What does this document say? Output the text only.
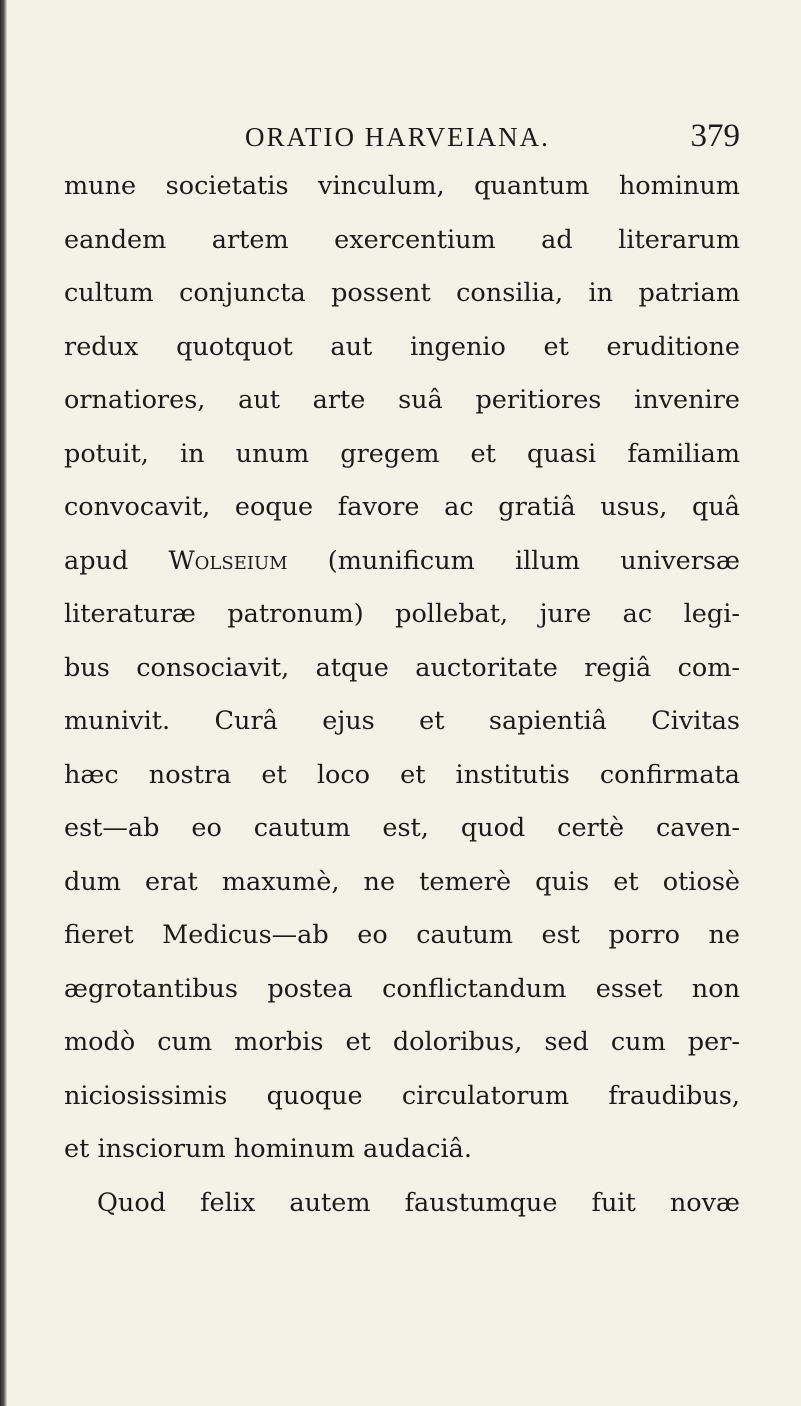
ORATIO HARVEIANA.	379
mune societatis vinculum, quantum hominum
eandem artem exercentium ad literarum
cultum conjuncta possent consilia, in patriam
redux quotquot aut ingenio et eruditione
ornatiores, aut arte suâ peritiores invenire
potuit, in unum gregem et quasi familiam
convocavit, eoque favore ac gratiâ usus, quâ
apud Wolseium (munificum illum universæ
literaturæ patronum) pollebat, jure ac legi-
bus consociavit, atque auctoritate regiâ com-
munivit. Curâ ejus et sapientiâ Civitas
hæc nostra et loco et institutis confirmata
est—ab eo cautum est, quod certè caven-
dum erat maxumè, ne temerè quis et otiosè
fieret Medicus—ab eo cautum est porro ne
ægrotantibus postea conflictandum esset non
modò cum morbis et doloribus, sed cum per-
niciosissimis quoque circulatorum fraudibus,
et insciorum hominum audaciâ.
Quod felix autem faustumque fuit novæ
